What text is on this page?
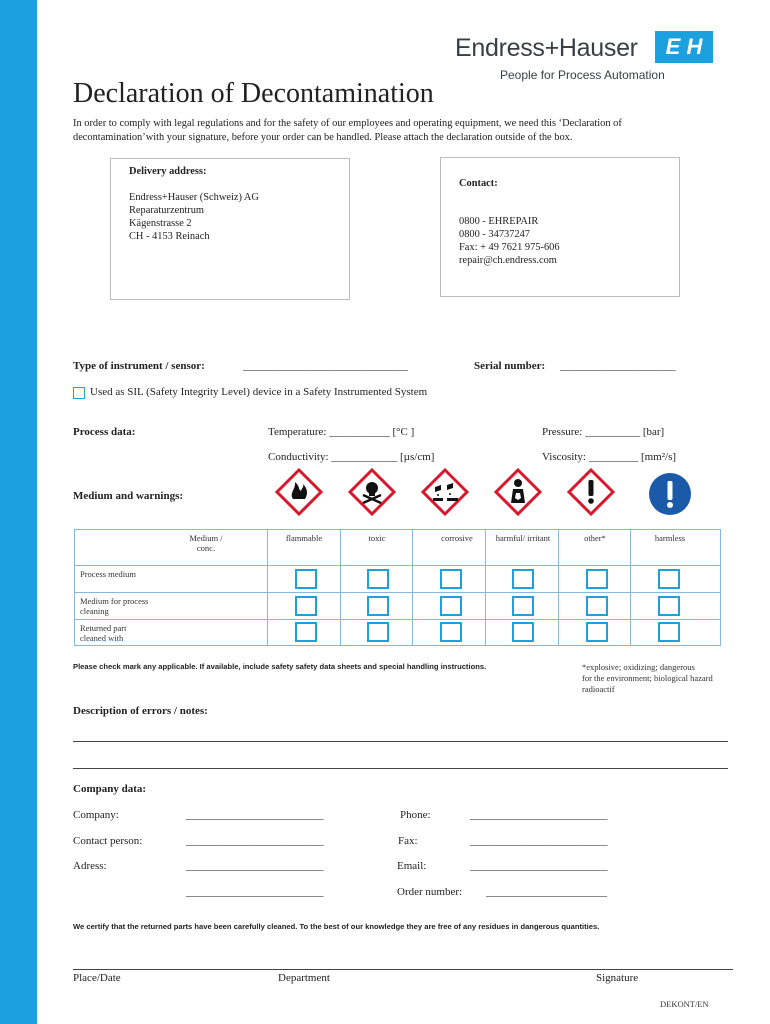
Endress+Hauser
People for Process Automation
E H
Declaration of Decontamination
In order to comply with legal regulations and for the safety of our employees and operating equipment, we need this ‘Declaration of decontamination’with your signature, before your order can be handled. Please attach the declaration outside of the box.
Delivery address:
Endress+Hauser (Schweiz) AG
Reparaturzentrum
Kägenstrasse 2
CH - 4153 Reinach
Contact:
0800 - EHREPAIR
0800 - 34737247
Fax: + 49 7621 975-606
repair@ch.endress.com
Type of instrument / sensor:	______________________________	Serial number: _____________________
Used as SIL (Safety Integrity Level) device in a Safety Instrumented System
Process data:	Temperature: ___________ [°C ]	Pressure: __________ [bar]
Conductivity: ____________ [µs/cm]	Viscosity: _________ [mm²/s]
Medium and warnings:
Medium / conc.
flammable	toxic	corrosive	harmful/ irritant	other*	harmless
Process medium
Medium for process cleaning
Returned part cleaned with
Please check mark any applicable. If available, include safety safety data sheets and special handling instructions.	*explosive; oxidizing; dangerous
for the environment; biological hazard
radioactif
Description of errors / notes:
Company data:
Company:	_________________________	Phone:	_________________________
Contact person:	_________________________	Fax:	_________________________
Adress:	_________________________	Email:	_________________________
_________________________	Order number: ______________________
We certify that the returned parts have been carefully cleaned. To the best of our knowledge they are free of any residues in dangerous quantities.
Place/Date	Department	Signature
DEKONT/EN
